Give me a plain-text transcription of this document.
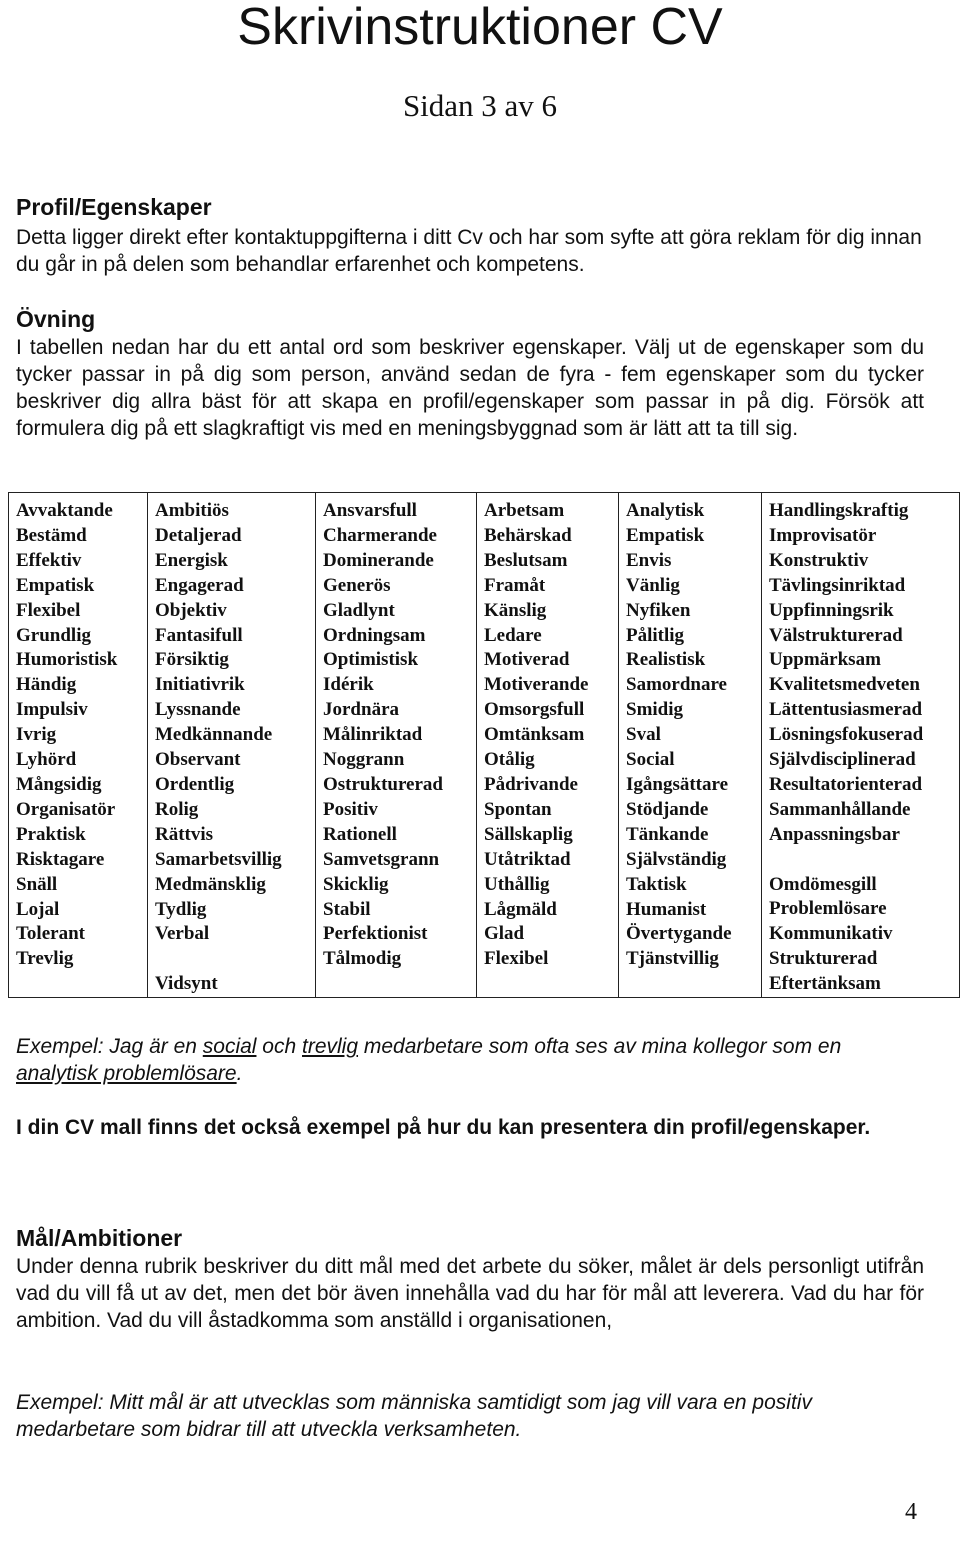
Skrivinstruktioner CV
Sidan 3 av 6
Profil/Egenskaper

Detta ligger direkt efter kontaktuppgifterna i ditt Cv och har som syfte att göra reklam för dig innan du går in på delen som behandlar erfarenhet och kompetens.

Övning

I tabellen nedan har du ett antal ord som beskriver egenskaper. Välj ut de egenskaper som du tycker passar in på dig som person, använd sedan de fyra - fem egenskaper som du tycker beskriver dig allra bäst för att skapa en profil/egenskaper som passar in på dig. Försök att formulera dig på ett slagkraftigt vis med en meningsbyggnad som är lätt att ta till sig.

Avvaktande
Bestämd
Effektiv
Empatisk
Flexibel
Grundlig
Humoristisk
Händig
Impulsiv
Ivrig
Lyhörd
Mångsidig
Organisatör
Praktisk
Risktagare
Snäll
Lojal
Tolerant
Trevlig

Ambitiös
Detaljerad
Energisk
Engagerad
Objektiv
Fantasifull
Försiktig
Initiativrik
Lyssnande
Medkännande
Observant
Ordentlig
Rolig
Rättvis
Samarbetsvillig
Medmänsklig
Tydlig
Verbal
Vidsynt

Ansvarsfull
Charmerande
Dominerande
Generös
Gladlynt
Ordningsam
Optimistisk
Idérik
Jordnära
Målinriktad
Noggrann
Ostrukturerad
Positiv
Rationell
Samvetsgrann
Skicklig
Stabil
Perfektionist
Tålmodig

Arbetsam
Behärskad
Beslutsam
Framåt
Känslig
Ledare
Motiverad
Motiverande
Omsorgsfull
Omtänksam
Otålig
Pådrivande
Spontan
Sällskaplig
Utåtriktad
Uthållig
Lågmäld
Glad
Flexibel

Analytisk
Empatisk
Envis
Vänlig
Nyfiken
Pålitlig
Realistisk
Samordnare
Smidig
Sval
Social
Igångsättare
Stödjande
Tänkande
Självständig
Taktisk
Humanist
Övertygande
Tjänstvillig

Handlingskraftig
Improvisatör
Konstruktiv
Tävlingsinriktad
Uppfinningsrik
Välstrukturerad
Uppmärksam
Kvalitetsmedveten
Lättentusiasmerad
Lösningsfokuserad
Självdisciplinerad
Resultatorienterad
Sammanhållande
Anpassningsbar
Omdömesgill
Problemlösare
Kommunikativ
Strukturerad
Eftertänksam

Exempel: Jag är en social och trevlig medarbetare som ofta ses av mina kollegor som en analytisk problemlösare.

I din CV mall finns det också exempel på hur du kan presentera din profil/egenskaper.

Mål/Ambitioner

Under denna rubrik beskriver du ditt mål med det arbete du söker, målet är dels personligt utifrån vad du vill få ut av det, men det bör även innehålla vad du har för mål att leverera. Vad du har för ambition. Vad du vill åstadkomma som anställd i organisationen,

Exempel: Mitt mål är att utvecklas som människa samtidigt som jag vill vara en positiv medarbetare som bidrar till att utveckla verksamheten.

4
